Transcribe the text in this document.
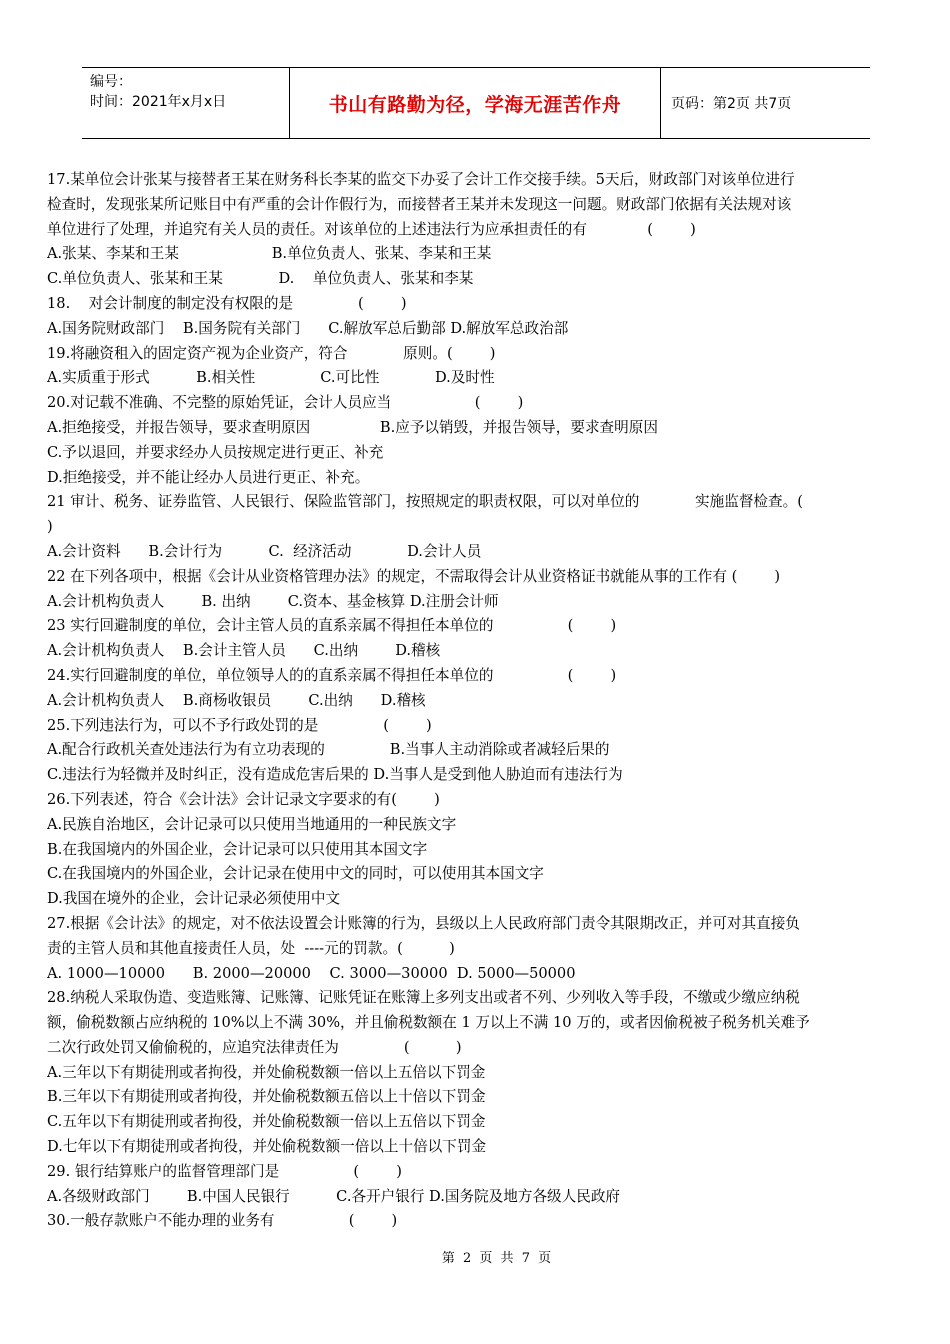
编号：
时间：2021年x月x日	书山有路勤为径，学海无涯苦作舟	页码：第2页 共7页
17.某单位会计张某与接替者王某在财务科长李某的监交下办妥了会计工作交接手续。5天后，财政部门对该单位进行
检查时，发现张某所记账目中有严重的会计作假行为，而接替者王某并未发现这一问题。财政部门依据有关法规对该
单位进行了处理，并追究有关人员的责任。对该单位的上述违法行为应承担责任的有             (        )
A.张某、李某和王某                    B.单位负责人、张某、李某和王某
C.单位负责人、张某和王某            D.    单位负责人、张某和李某
18.    对会计制度的制定没有权限的是              (        )
A.国务院财政部门    B.国务院有关部门      C.解放军总后勤部 D.解放军总政治部
19.将融资租入的固定资产视为企业资产，符合            原则。(        )
A.实质重于形式          B.相关性              C.可比性            D.及时性
20.对记载不准确、不完整的原始凭证，会计人员应当                  (        )
A.拒绝接受，并报告领导，要求查明原因               B.应予以销毁，并报告领导，要求查明原因
C.予以退回，并要求经办人员按规定进行更正、补充
D.拒绝接受，并不能让经办人员进行更正、补充。
21 审计、税务、证券监管、人民银行、保险监管部门，按照规定的职责权限，可以对单位的            实施监督检查。(
)
A.会计资料      B.会计行为          C.  经济活动            D.会计人员
22 在下列各项中，根据《会计从业资格管理办法》的规定，不需取得会计从业资格证书就能从事的工作有 (        )
A.会计机构负责人        B. 出纳        C.资本、基金核算 D.注册会计师
23 实行回避制度的单位，会计主管人员的直系亲属不得担任本单位的                (        )
A.会计机构负责人    B.会计主管人员      C.出纳        D.稽核
24.实行回避制度的单位，单位领导人的的直系亲属不得担任本单位的                (        )
A.会计机构负责人    B.商杨收银员        C.出纳      D.稽核
25.下列违法行为，可以不予行政处罚的是              (        )
A.配合行政机关查处违法行为有立功表现的              B.当事人主动消除或者减轻后果的
C.违法行为轻微并及时纠正，没有造成危害后果的 D.当事人是受到他人胁迫而有违法行为
26.下列表述，符合《会计法》会计记录文字要求的有(        )
A.民族自治地区，会计记录可以只使用当地通用的一种民族文字
B.在我国境内的外国企业，会计记录可以只使用其本国文字
C.在我国境内的外国企业，会计记录在使用中文的同时，可以使用其本国文字
D.我国在境外的企业，会计记录必须使用中文
27.根据《会计法》的规定，对不依法设置会计账簿的行为，县级以上人民政府部门责令其限期改正，并可对其直接负
责的主管人员和其他直接责任人员，处  ----元的罚款。(          )
A. 1000—10000      B. 2000—20000    C. 3000—30000  D. 5000—50000
28.纳税人采取伪造、变造账簿、记账簿、记账凭证在账簿上多列支出或者不列、少列收入等手段，不缴或少缴应纳税
额，偷税数额占应纳税的 10%以上不满 30%，并且偷税数额在 1 万以上不满 10 万的，或者因偷税被子税务机关难予
二次行政处罚又偷偷税的，应追究法律责任为              (          )
A.三年以下有期徒刑或者拘役，并处偷税数额一倍以上五倍以下罚金
B.三年以下有期徒刑或者拘役，并处偷税数额五倍以上十倍以下罚金
C.五年以下有期徒刑或者拘役，并处偷税数额一倍以上五倍以下罚金
D.七年以下有期徒刑或者拘役，并处偷税数额一倍以上十倍以下罚金
29. 银行结算账户的监督管理部门是                (        )
A.各级财政部门        B.中国人民银行          C.各开户银行 D.国务院及地方各级人民政府
30.一般存款账户不能办理的业务有                (        )
第 2 页 共 7 页
